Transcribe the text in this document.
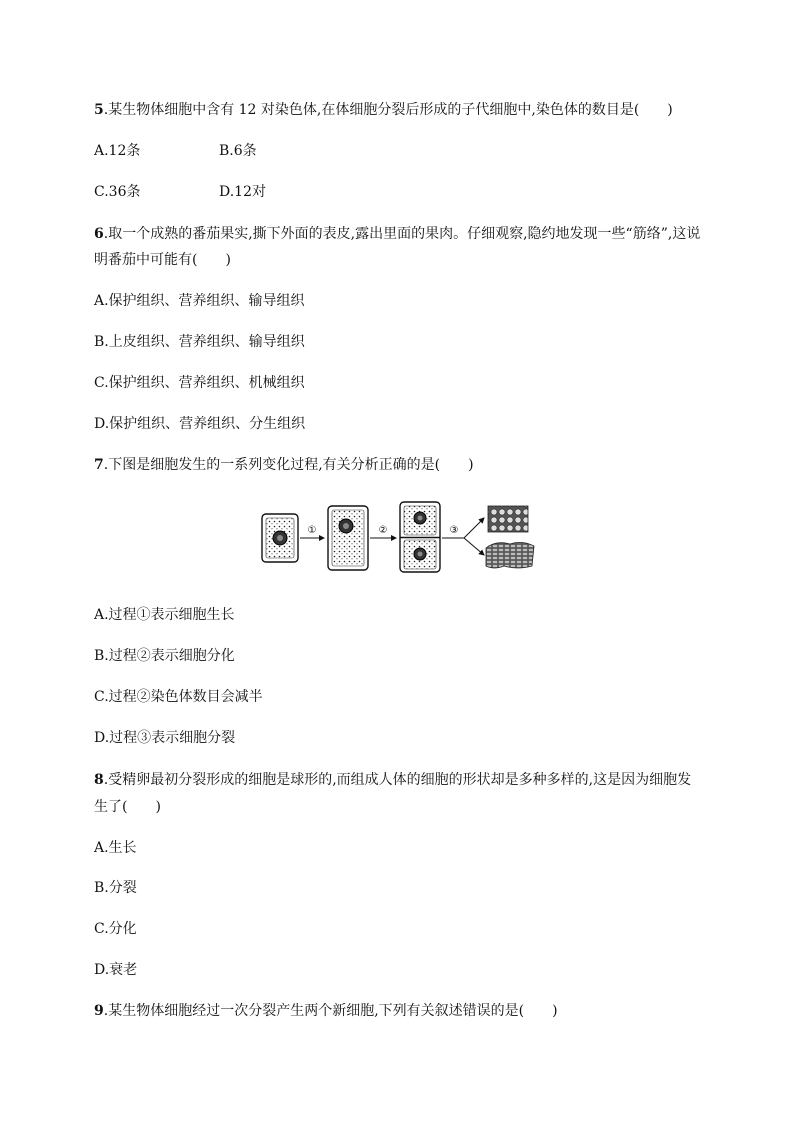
5.某生物体细胞中含有 12 对染色体,在体细胞分裂后形成的子代细胞中,染色体的数目是(　　)
A.12条	B.6条
C.36条	D.12对
6.取一个成熟的番茄果实,撕下外面的表皮,露出里面的果肉。仔细观察,隐约地发现一些“筋络”,这说
明番茄中可能有(　　)
A.保护组织、营养组织、输导组织
B.上皮组织、营养组织、输导组织
C.保护组织、营养组织、机械组织
D.保护组织、营养组织、分生组织
7.下图是细胞发生的一系列变化过程,有关分析正确的是(　　)
①	②	③
A.过程①表示细胞生长
B.过程②表示细胞分化
C.过程②染色体数目会减半
D.过程③表示细胞分裂
8.受精卵最初分裂形成的细胞是球形的,而组成人体的细胞的形状却是多种多样的,这是因为细胞发
生了(　　)
A.生长
B.分裂
C.分化
D.衰老
9.某生物体细胞经过一次分裂产生两个新细胞,下列有关叙述错误的是(　　)
